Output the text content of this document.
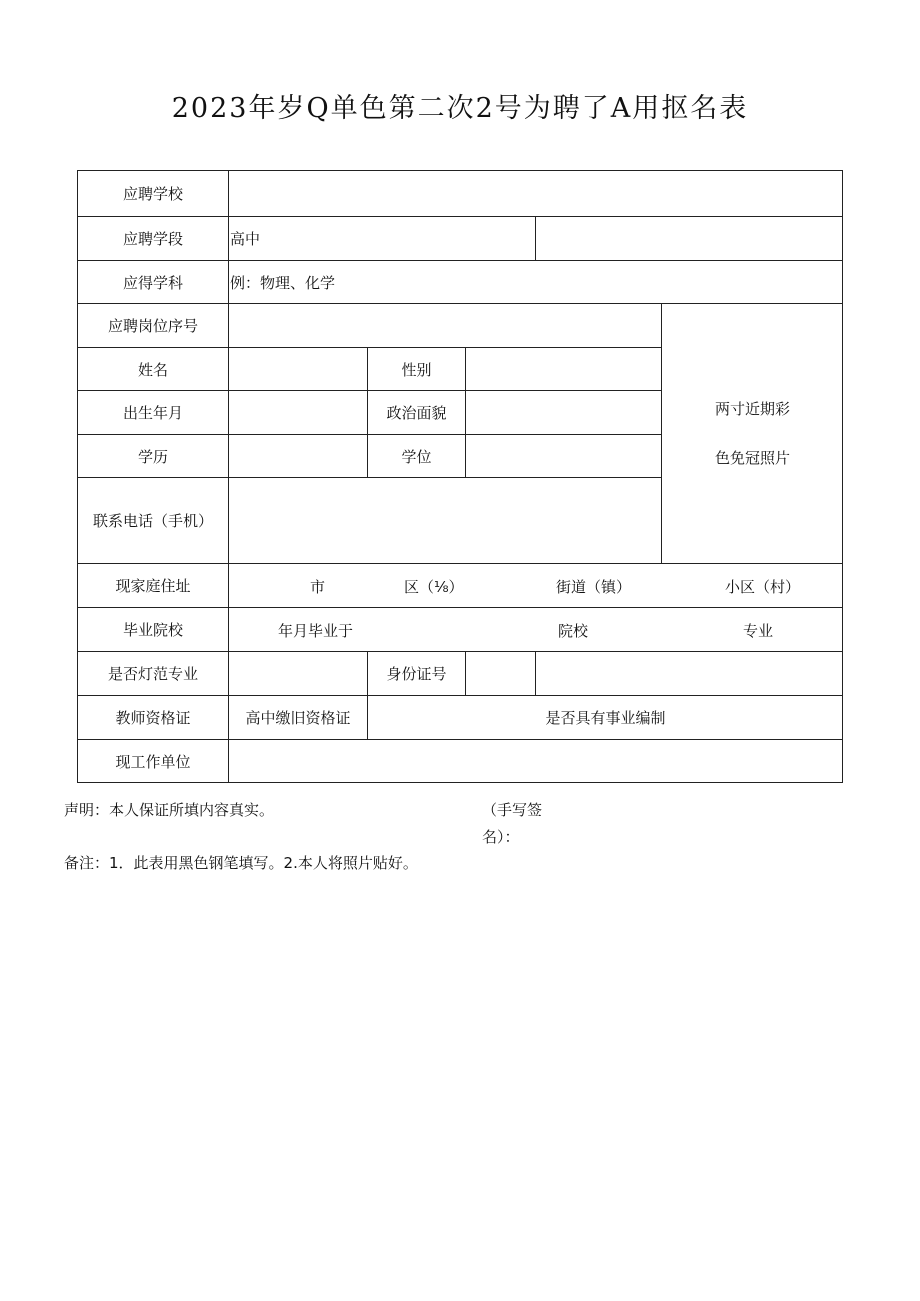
2023年岁Q单色第二次2号为聘了A用抠名表
应聘学校
应聘学段	高中
应得学科	例：物理、化学
应聘岗位序号
两寸近期彩
色免冠照片
姓名	性别
出生年月	政治面貌
学历	学位
联系电话（手机）
现家庭住址	市	区（⅛）	街道（镇）	小区（村）
毕业院校	年月毕业于	院校	专业
是否灯范专业	身份证号
教师资格证	高中缴旧资格证	是否具有事业编制
现工作单位
声明：本人保证所填内容真实。	（手写签
名）：
备注：1．此表用黑色钢笔填写。2.本人将照片贴好。
